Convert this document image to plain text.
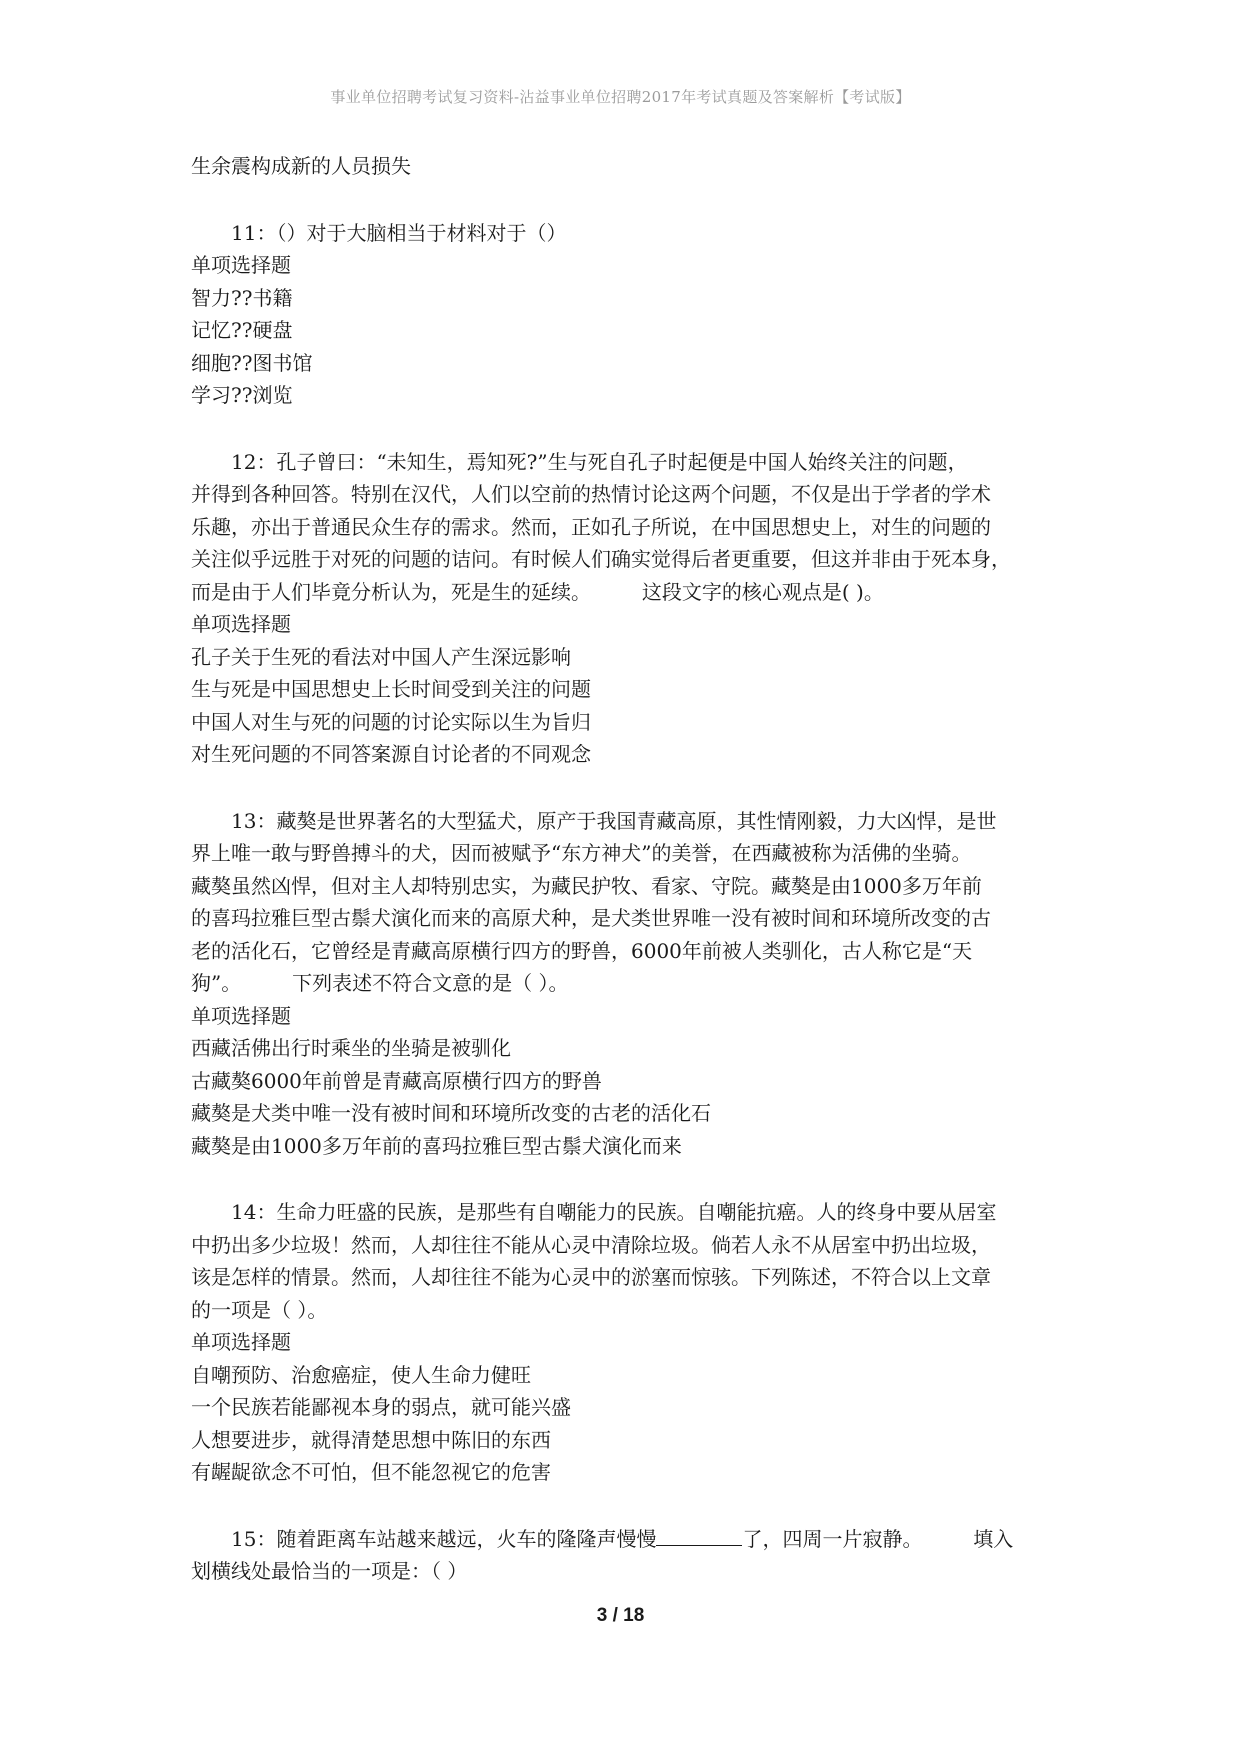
事业单位招聘考试复习资料-沾益事业单位招聘2017年考试真题及答案解析【考试版】
生余震构成新的人员损失
11：（）对于大脑相当于材料对于（）
单项选择题
智力??书籍
记忆??硬盘
细胞??图书馆
学习??浏览
12：孔子曾曰：“未知生，焉知死?”生与死自孔子时起便是中国人始终关注的问题，
并得到各种回答。特别在汉代，人们以空前的热情讨论这两个问题，不仅是出于学者的学术
乐趣，亦出于普通民众生存的需求。然而，正如孔子所说，在中国思想史上，对生的问题的
关注似乎远胜于对死的问题的诘问。有时候人们确实觉得后者更重要，但这并非由于死本身，
而是由于人们毕竟分析认为，死是生的延续。        这段文字的核心观点是( )。
单项选择题
孔子关于生死的看法对中国人产生深远影响
生与死是中国思想史上长时间受到关注的问题
中国人对生与死的问题的讨论实际以生为旨归
对生死问题的不同答案源自讨论者的不同观念
13：藏獒是世界著名的大型猛犬，原产于我国青藏高原，其性情刚毅，力大凶悍，是世
界上唯一敢与野兽搏斗的犬，因而被赋予“东方神犬”的美誉，在西藏被称为活佛的坐骑。
藏獒虽然凶悍，但对主人却特别忠实，为藏民护牧、看家、守院。藏獒是由1000多万年前
的喜玛拉雅巨型古鬃犬演化而来的高原犬种，是犬类世界唯一没有被时间和环境所改变的古
老的活化石，它曾经是青藏高原横行四方的野兽，6000年前被人类驯化，古人称它是“天
狗”。        下列表述不符合文意的是（ ）。
单项选择题
西藏活佛出行时乘坐的坐骑是被驯化
古藏獒6000年前曾是青藏高原横行四方的野兽
藏獒是犬类中唯一没有被时间和环境所改变的古老的活化石
藏獒是由1000多万年前的喜玛拉雅巨型古鬃犬演化而来
14：生命力旺盛的民族，是那些有自嘲能力的民族。自嘲能抗癌。人的终身中要从居室
中扔出多少垃圾！然而，人却往往不能从心灵中清除垃圾。倘若人永不从居室中扔出垃圾，
该是怎样的情景。然而，人却往往不能为心灵中的淤塞而惊骇。下列陈述，不符合以上文章
的一项是（ ）。
单项选择题
自嘲预防、治愈癌症，使人生命力健旺
一个民族若能鄙视本身的弱点，就可能兴盛
人想要进步，就得清楚思想中陈旧的东西
有龌龊欲念不可怕，但不能忽视它的危害
15：随着距离车站越来越远，火车的隆隆声慢慢	了，四周一片寂静。        填入
划横线处最恰当的一项是：（ ）
3 / 18
